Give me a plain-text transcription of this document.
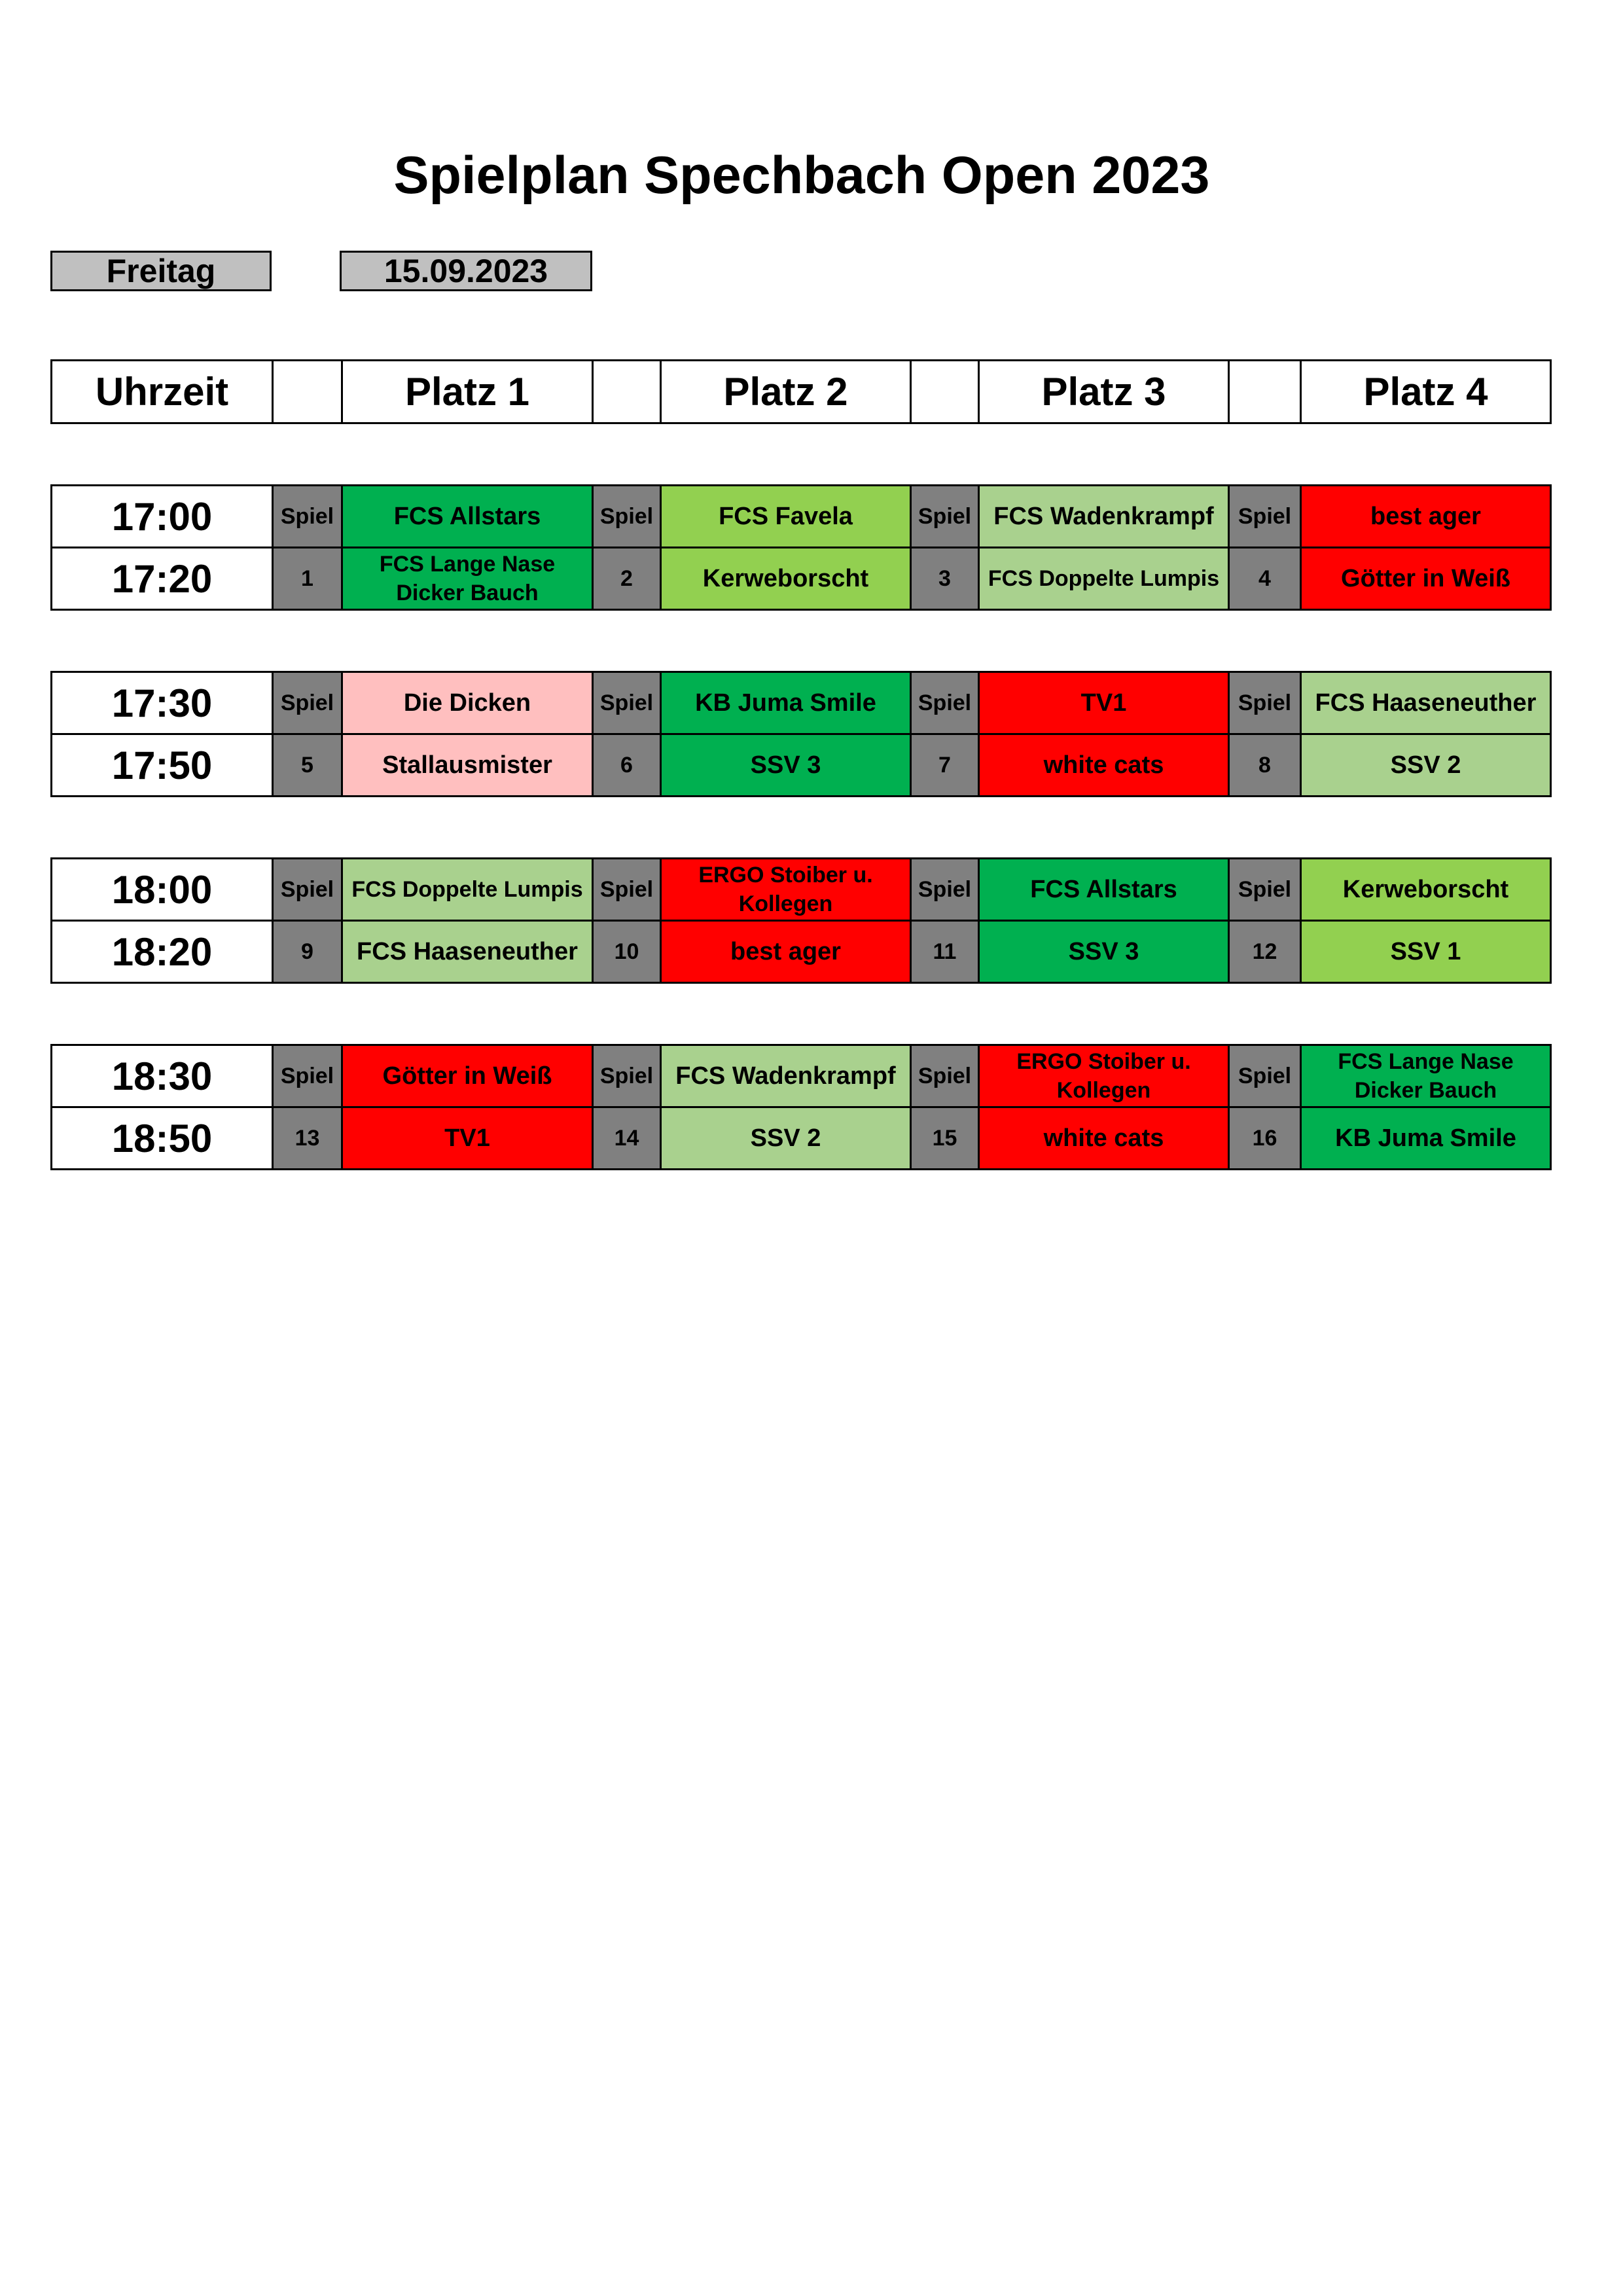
Spielplan Spechbach Open 2023
Freitag	15.09.2023
Uhrzeit		Platz 1		Platz 2		Platz 3		Platz 4
17:00	Spiel	FCS Allstars	Spiel	FCS Favela	Spiel	FCS Wadenkrampf	Spiel	best ager
17:20	1	FCS Lange Nase Dicker Bauch	2	Kerweborscht	3	FCS Doppelte Lumpis	4	Götter in Weiß
17:30	Spiel	Die Dicken	Spiel	KB Juma Smile	Spiel	TV1	Spiel	FCS Haaseneuther
17:50	5	Stallausmister	6	SSV 3	7	white cats	8	SSV 2
18:00	Spiel	FCS Doppelte Lumpis	Spiel	ERGO Stoiber u. Kollegen	Spiel	FCS Allstars	Spiel	Kerweborscht
18:20	9	FCS Haaseneuther	10	best ager	11	SSV 3	12	SSV 1
18:30	Spiel	Götter in Weiß	Spiel	FCS Wadenkrampf	Spiel	ERGO Stoiber u. Kollegen	Spiel	FCS Lange Nase Dicker Bauch
18:50	13	TV1	14	SSV 2	15	white cats	16	KB Juma Smile
